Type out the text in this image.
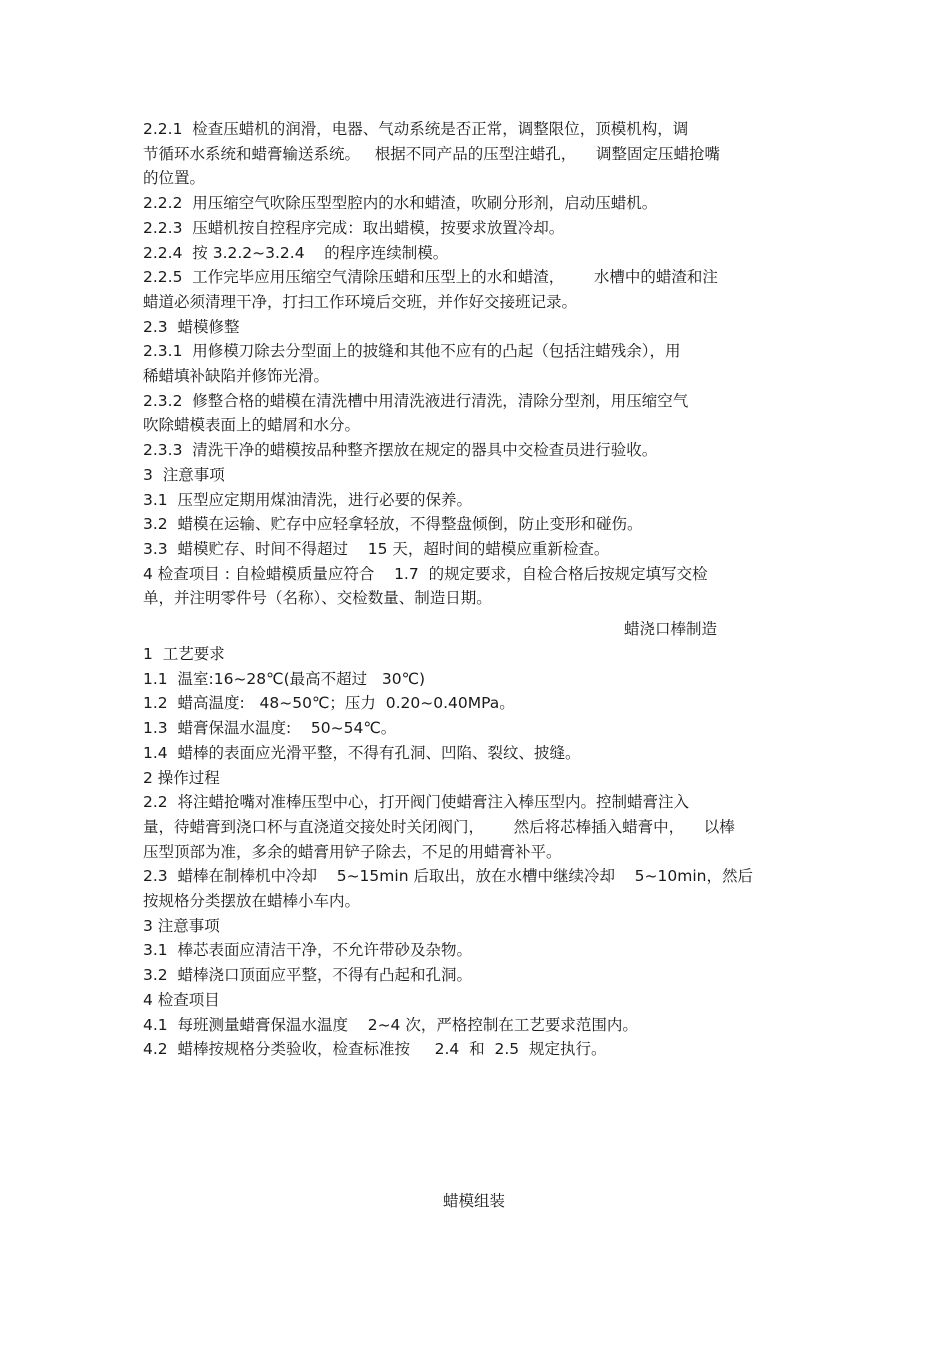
2.2.1  检查压蜡机的润滑，电器、气动系统是否正常，调整限位，顶模机构，调

节循环水系统和蜡膏输送系统。   根据不同产品的压型注蜡孔，    调整固定压蜡抢嘴

的位置。

2.2.2  用压缩空气吹除压型型腔内的水和蜡渣，吹刷分形剂，启动压蜡机。

2.2.3  压蜡机按自控程序完成：取出蜡模，按要求放置冷却。

2.2.4  按 3.2.2~3.2.4    的程序连续制模。

2.2.5  工作完毕应用压缩空气清除压蜡和压型上的水和蜡渣，      水槽中的蜡渣和注

蜡道必须清理干净，打扫工作环境后交班，并作好交接班记录。

2.3  蜡模修整

2.3.1  用修模刀除去分型面上的披缝和其他不应有的凸起（包括注蜡残余），用

稀蜡填补缺陷并修饰光滑。

2.3.2  修整合格的蜡模在清洗槽中用清洗液进行清洗，清除分型剂，用压缩空气

吹除蜡模表面上的蜡屑和水分。

2.3.3  清洗干净的蜡模按品种整齐摆放在规定的器具中交检查员进行验收。

3  注意事项

3.1  压型应定期用煤油清洗，进行必要的保养。

3.2  蜡模在运输、贮存中应轻拿轻放，不得整盘倾倒，防止变形和碰伤。

3.3  蜡模贮存、时间不得超过    15 天，超时间的蜡模应重新检查。

4 检查项目 : 自检蜡模质量应符合    1.7  的规定要求，自检合格后按规定填写交检

单，并注明零件号（名称）、交检数量、制造日期。

蜡浇口棒制造

1  工艺要求

1.1  温室:16~28℃(最高不超过   30℃)

1.2  蜡高温度:   48~50℃；压力  0.20~0.40MPa。

1.3  蜡膏保温水温度:    50~54℃。

1.4  蜡棒的表面应光滑平整，不得有孔洞、凹陷、裂纹、披缝。

2 操作过程

2.2  将注蜡抢嘴对准棒压型中心，打开阀门使蜡膏注入棒压型内。控制蜡膏注入

量，待蜡膏到浇口杯与直浇道交接处时关闭阀门，      然后将芯棒插入蜡膏中，    以棒

压型顶部为准，多余的蜡膏用铲子除去，不足的用蜡膏补平。

2.3  蜡棒在制棒机中冷却    5~15min 后取出，放在水槽中继续冷却    5~10min，然后

按规格分类摆放在蜡棒小车内。

3 注意事项

3.1  棒芯表面应清洁干净，不允许带砂及杂物。

3.2  蜡棒浇口顶面应平整，不得有凸起和孔洞。

4 检查项目

4.1  每班测量蜡膏保温水温度    2~4 次，严格控制在工艺要求范围内。

4.2  蜡棒按规格分类验收，检查标准按     2.4  和  2.5  规定执行。

蜡模组装
